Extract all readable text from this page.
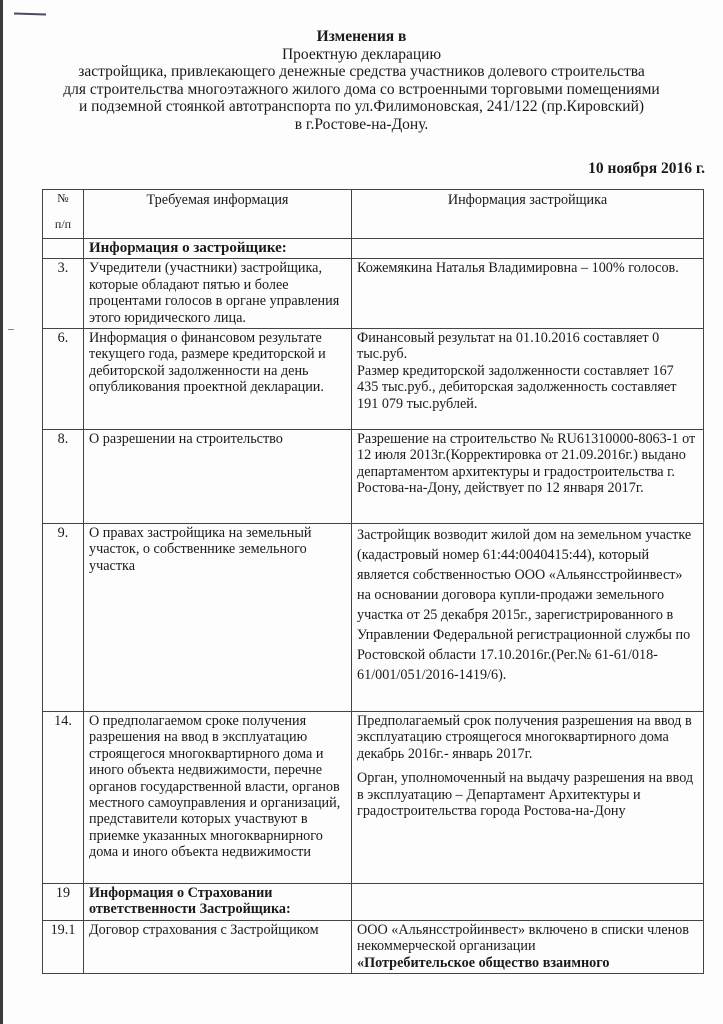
Изменения в
Проектную декларацию
застройщика, привлекающего денежные средства участников долевого строительства
для строительства многоэтажного жилого дома со встроенными торговыми помещениями
и подземной стоянкой автотранспорта по ул.Филимоновская, 241/122 (пр.Кировский)
в г.Ростове-на-Дону.
10 ноября 2016 г.
№
п/п	Требуемая информация	Информация застройщика
	Информация о застройщике:	
3.	Учредители (участники) застройщика, которые обладают пятью и более процентами голосов в органе управления этого юридического лица.	Кожемякина Наталья Владимировна – 100% голосов.

6.	Информация о финансовом результате текущего года, размере кредиторской и дебиторской задолженности на день опубликования проектной декларации.	Финансовый результат на 01.10.2016 составляет 0 тыс.руб.

Размер кредиторской задолженности составляет 167 435 тыс.руб., дебиторская задолженность составляет 191 079 тыс.рублей.

8.	О разрешении на строительство	Разрешение на строительство № RU61310000-8063-1 от 12 июля 2013г.(Корректировка от 21.09.2016г.) выдано департаментом архитектуры и градостроительства г. Ростова-на-Дону, действует по 12 января 2017г.

9.	О правах застройщика на земельный участок, о собственнике земельного участка	Застройщик возводит жилой дом на земельном участке (кадастровый номер 61:44:0040415:44), который является собственностью ООО «Альянсстройинвест» на основании договора купли-продажи земельного участка от 25 декабря 2015г., зарегистрированного в Управлении Федеральной регистрационной службы по Ростовской области 17.10.2016г.(Рег.№ 61-61/018-61/001/051/2016-1419/6).

14.	О предполагаемом сроке получения разрешения на ввод в эксплуатацию строящегося многоквартирного дома и иного объекта недвижимости, перечне органов государственной власти, органов местного самоуправления и организаций, представители которых участвуют в приемке указанных многокварнирного дома и иного объекта недвижимости	

Предполагаемый срок получения разрешения на ввод в эксплуатацию строящегося многоквартирного дома декабрь 2016г.- январь 2017г.

Орган, уполномоченный на выдачу разрешения на ввод в эксплуатацию – Департамент Архитектуры и градостроительства города Ростова-на-Дону

19	Информация о Страховании ответственности Застройщика:	
19.1	Договор страхования с Застройщиком	ООО «Альянсстройинвест» включено в списки членов некоммерческой организации
«Потребительское общество взаимного
